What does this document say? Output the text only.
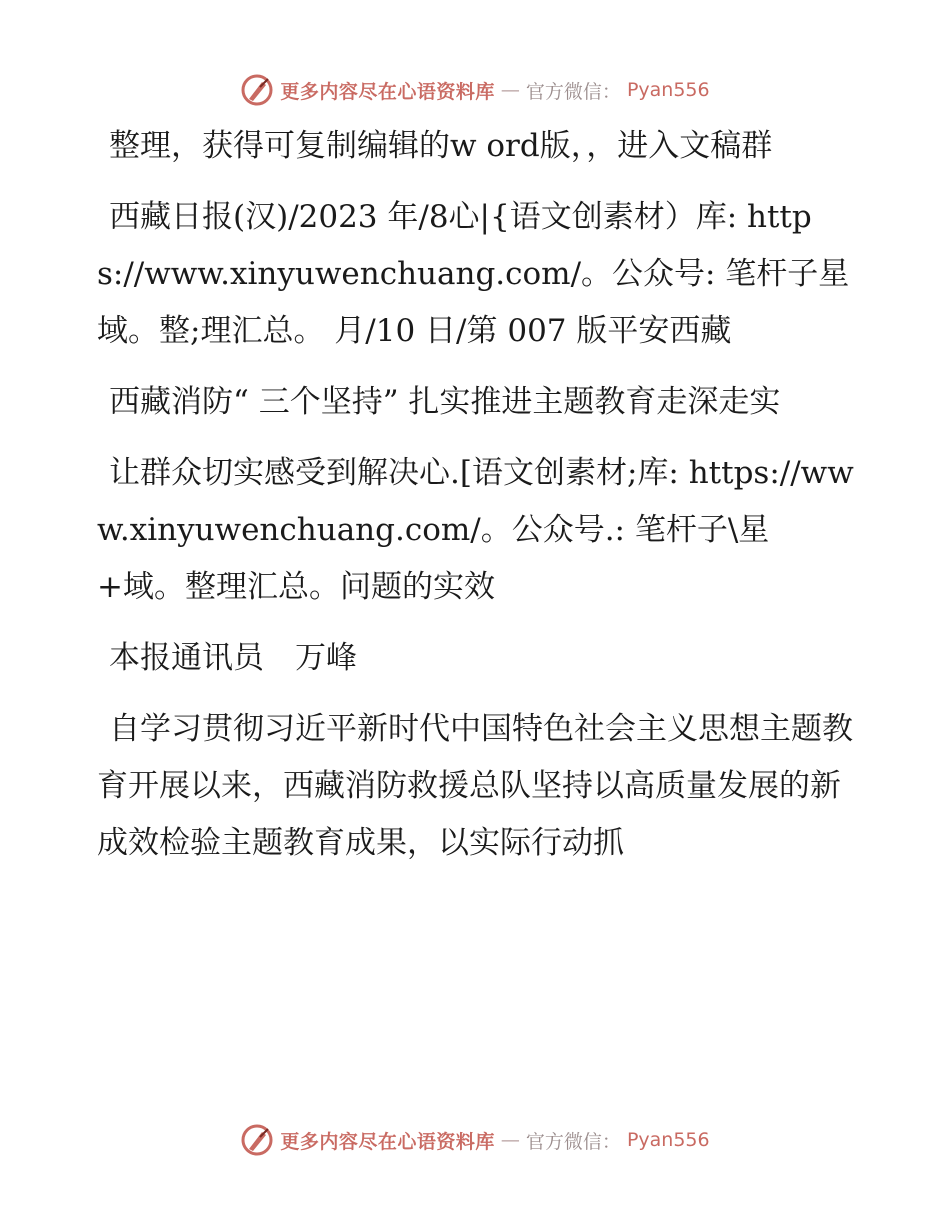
更多内容尽在心语资料库 — 官方微信： Pyan556

整理，获得可复制编辑的w ord版，，进入文稿群

西藏日报(汉)/2023 年/8心|{语文创素材）库: https://www.xinyuwenchuang.com/。公众号: 笔杆子星域。整;理汇总。 月/10 日/第 007 版平安西藏

西藏消防“ 三个坚持” 扎实推进主题教育走深走实

让群众切实感受到解决心.[语文创素材;库: https://www.xinyuwenchuang.com/。公众号.: 笔杆子\星+域。整理汇总。问题的实效

本报通讯员　万峰

自学习贯彻习近平新时代中国特色社会主义思想主题教育开展以来，西藏消防救援总队坚持以高质量发展的新成效检验主题教育成果，以实际行动抓

更多内容尽在心语资料库 — 官方微信： Pyan556
